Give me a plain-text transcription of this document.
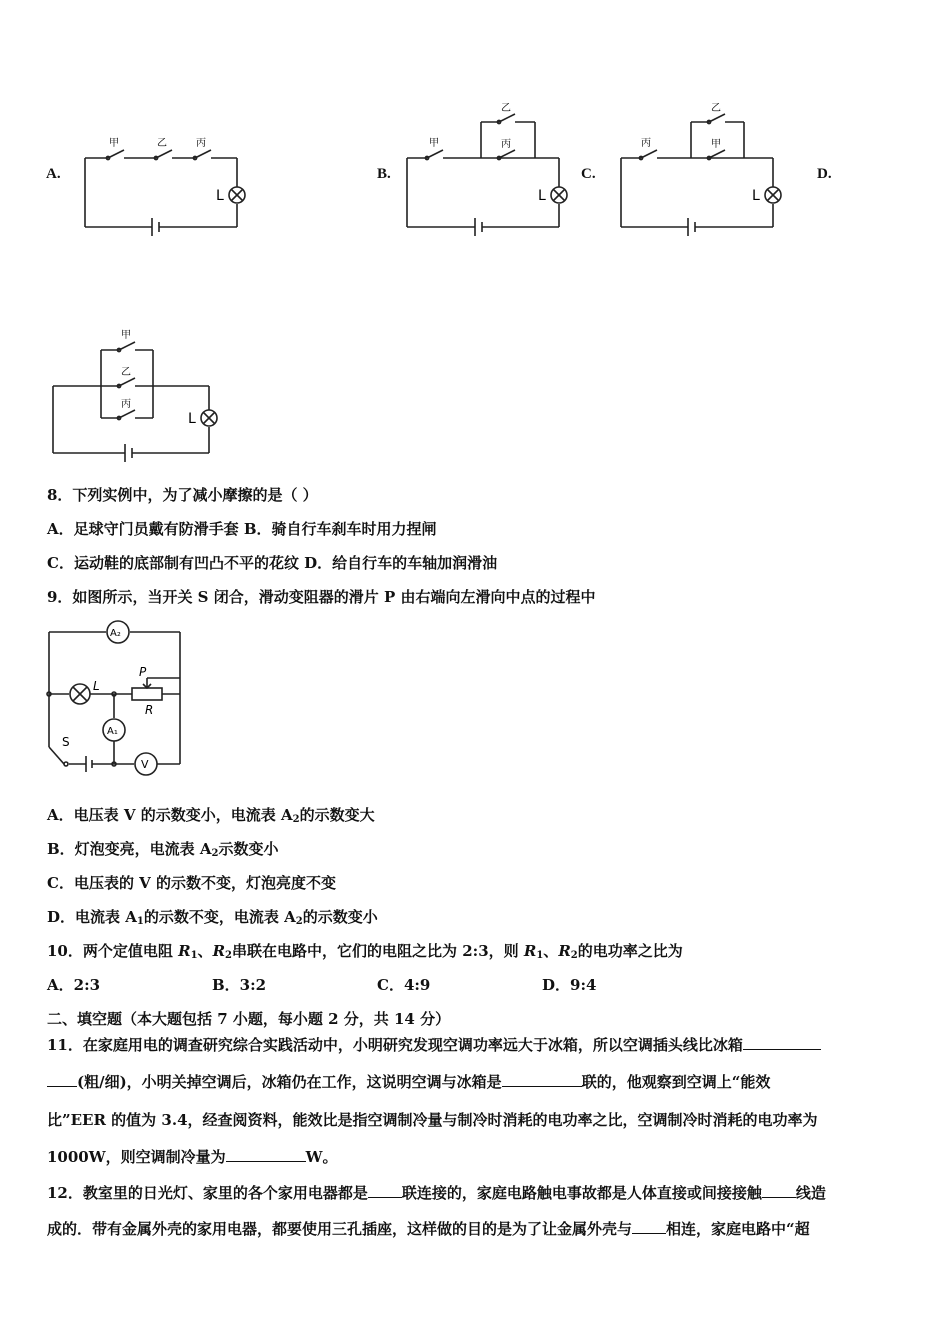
A.	B.	C.	D.
甲	乙	丙
L
甲
乙
丙
L
丙
乙
甲
L
甲
乙
丙
L
8．下列实例中，为了减小摩擦的是（ ）
A．足球守门员戴有防滑手套 B．骑自行车刹车时用力捏闸
C．运动鞋的底部制有凹凸不平的花纹 D．给自行车的车轴加润滑油
9．如图所示，当开关 S 闭合，滑动变阻器的滑片 P 由右端向左滑向中点的过程中
A₂
A₁
V
L
P
R
S
A．电压表 V 的示数变小，电流表 $A_2$的示数变大
B．灯泡变亮，电流表 $A_2$示数变小
C．电压表的 V 的示数不变，灯泡亮度不变
D．电流表 $A_1$的示数不变，电流表 $A_2$的示数变小
10．两个定值电阻 $R_1$、$R_2$串联在电路中，它们的电阻之比为 2:3，则 $R_1$、$R_2$的电功率之比为
A．2:3	B．3:2	C．4:9	D．9:4
二、填空题（本大题包括 7 小题，每小题 2 分，共 14 分）
11．在家庭用电的调查研究综合实践活动中，小明研究发现空调功率远大于冰箱，所以空调插头线比冰箱
(粗/细)，小明关掉空调后，冰箱仍在工作，这说明空调与冰箱是	联的，他观察到空调上“能效
比”EER 的值为 3.4，经查阅资料，能效比是指空调制冷量与制冷时消耗的电功率之比，空调制冷时消耗的电功率为
1000W，则空调制冷量为	W。
12．教室里的日光灯、家里的各个家用电器都是 联连接的，家庭电路触电事故都是人体直接或间接接触 线造
成的．带有金属外壳的家用电器，都要使用三孔插座，这样做的目的是为了让金属外壳与 相连，家庭电路中“超
